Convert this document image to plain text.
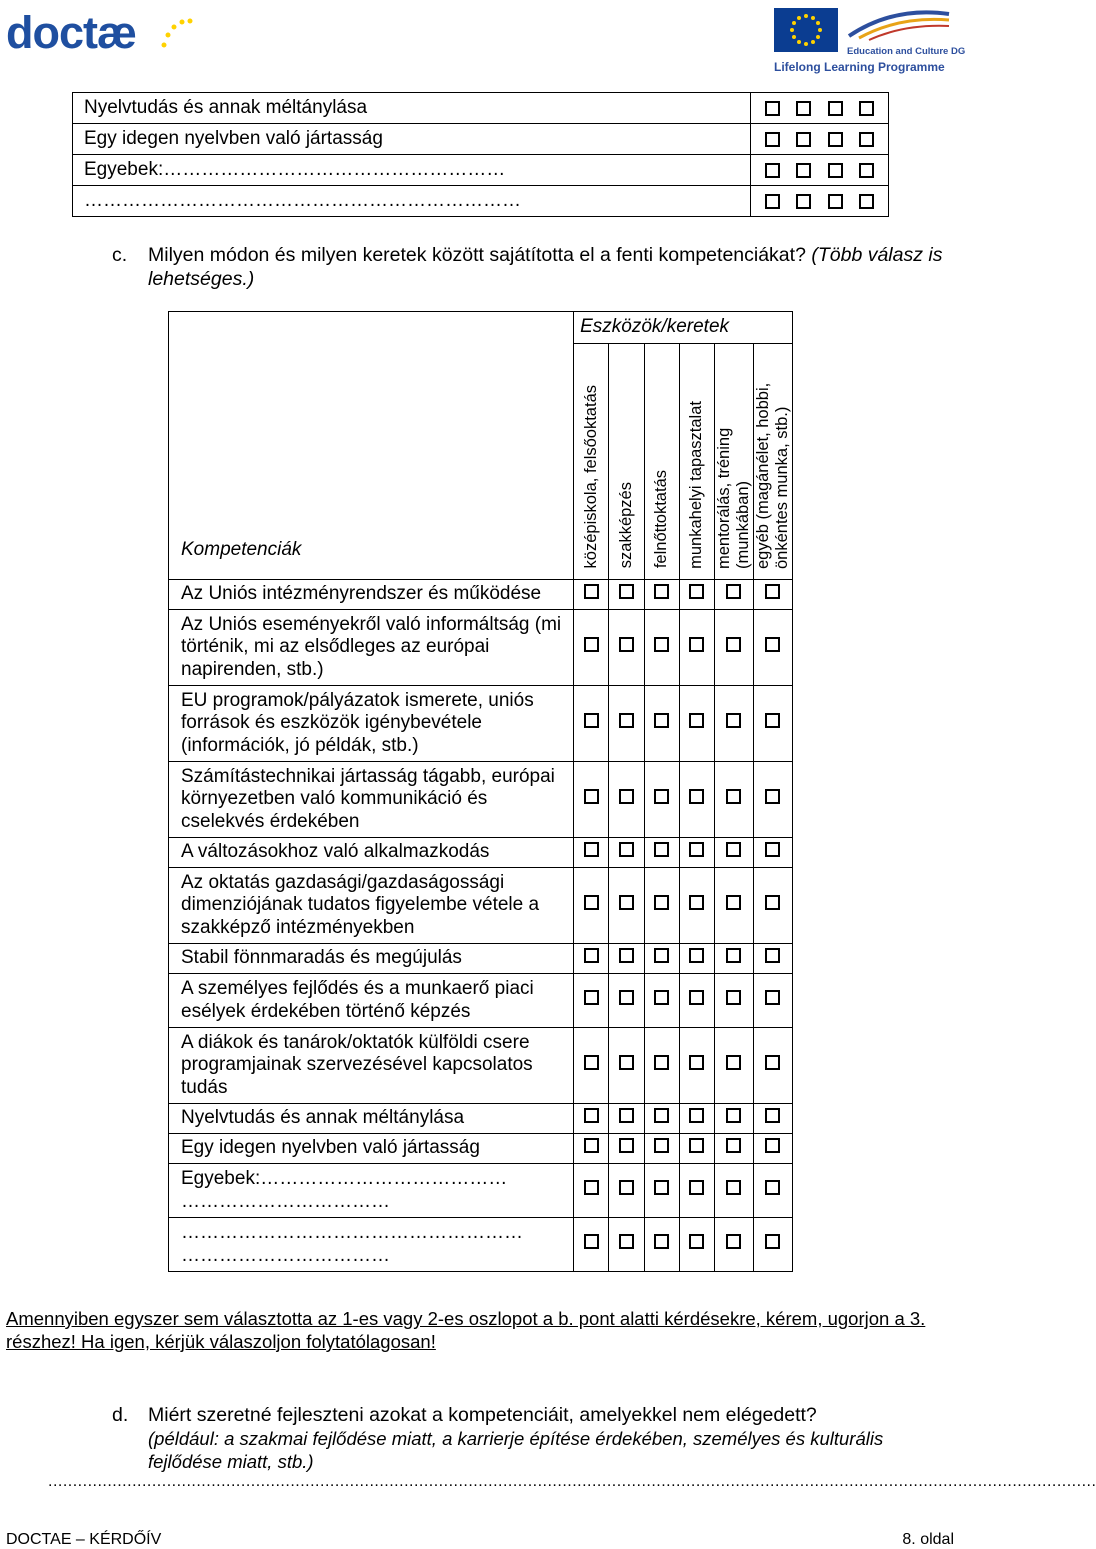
doctæ	Education and Culture DG
Lifelong Learning Programme
Nyelvtudás és annak méltánylása	

Egy idegen nyelvben való jártasság	

Egyebek:………………………………………………	

……………………………………………………………	
c. Milyen módon és milyen keretek között sajátította el a fenti kompetenciákat? (Több válasz is lehetséges.)
Kompetenciák	Eszközök/keretek					
	középiskola, felsőoktatás	szakképzés	felnőttoktatás	munkahelyi tapasztalat	mentorálás, tréning (munkában)	egyéb (magánélet, hobbi, önkéntes munka, stb.)
Az Uniós intézményrendszer és működése						
Az Uniós eseményekről való informáltság (mi történik, mi az elsődleges az európai napirenden, stb.)						
EU programok/pályázatok ismerete, uniós források és eszközök igénybevétele (információk, jó példák, stb.)						
Számítástechnikai jártasság tágabb, európai környezetben való kommunikáció és cselekvés érdekében						
A változásokhoz való alkalmazkodás						
Az oktatás gazdasági/gazdaságossági dimenziójának tudatos figyelembe vétele a szakképző intézményekben						
Stabil fönnmaradás és megújulás						
A személyes fejlődés és a munkaerő piaci esélyek érdekében történő képzés						
A diákok és tanárok/oktatók külföldi csere programjainak szervezésével kapcsolatos tudás						
Nyelvtudás és annak méltánylása						
Egy idegen nyelvben való jártasság						
Egyebek:………………………………… ……………………………						
……………………………………………… ……………………………						
Amennyiben egyszer sem választotta az 1-es vagy 2-es oszlopot a b. pont alatti kérdésekre, kérem, ugorjon a 3. részhez! Ha igen, kérjük válaszoljon folytatólagosan!
d. Miért szeretné fejleszteni azokat a kompetenciáit, amelyekkel nem elégedett?
(például: a szakmai fejlődése miatt, a karrierje építése érdekében, személyes és kulturális fejlődése miatt, stb.)
....................................................................................................................................................................................................................
DOCTAE – KÉRDŐÍV	8. oldal
